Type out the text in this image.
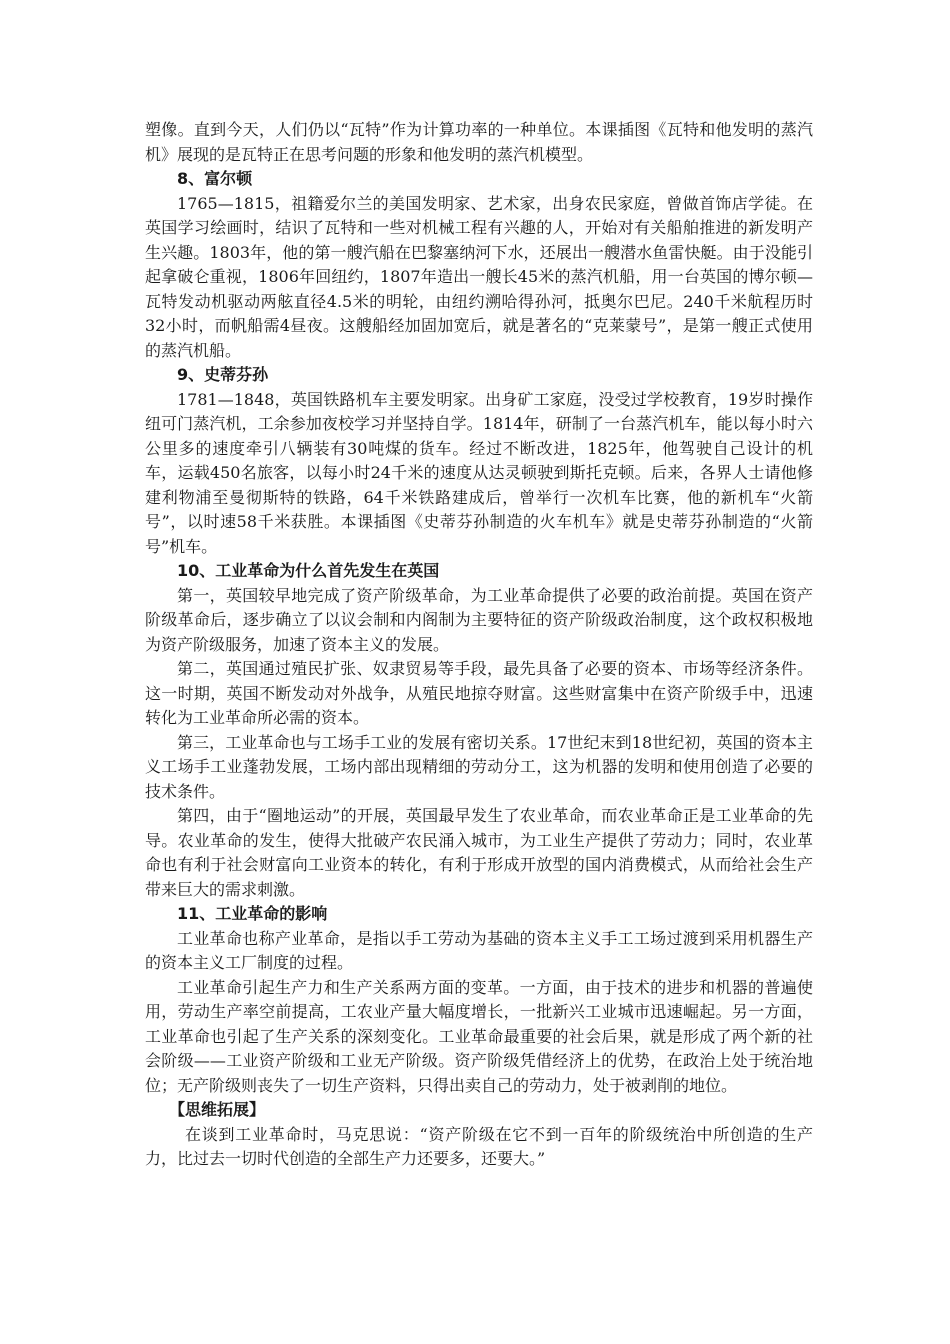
塑像。直到今天，人们仍以“瓦特”作为计算功率的一种单位。本课插图《瓦特和他发明的蒸汽机》展现的是瓦特正在思考问题的形象和他发明的蒸汽机模型。

8、富尔顿

1765—1815，祖籍爱尔兰的美国发明家、艺术家，出身农民家庭，曾做首饰店学徒。在英国学习绘画时，结识了瓦特和一些对机械工程有兴趣的人，开始对有关船舶推进的新发明产生兴趣。1803年，他的第一艘汽船在巴黎塞纳河下水，还展出一艘潜水鱼雷快艇。由于没能引起拿破仑重视，1806年回纽约，1807年造出一艘长45米的蒸汽机船，用一台英国的博尔顿—瓦特发动机驱动两舷直径4.5米的明轮，由纽约溯哈得孙河，抵奥尔巴尼。240千米航程历时32小时，而帆船需4昼夜。这艘船经加固加宽后，就是著名的“克莱蒙号”，是第一艘正式使用的蒸汽机船。

9、史蒂芬孙

1781—1848，英国铁路机车主要发明家。出身矿工家庭，没受过学校教育，19岁时操作纽可门蒸汽机，工余参加夜校学习并坚持自学。1814年，研制了一台蒸汽机车，能以每小时六公里多的速度牵引八辆装有30吨煤的货车。经过不断改进，1825年，他驾驶自己设计的机车，运载450名旅客，以每小时24千米的速度从达灵顿驶到斯托克顿。后来，各界人士请他修建利物浦至曼彻斯特的铁路，64千米铁路建成后，曾举行一次机车比赛，他的新机车“火箭号”，以时速58千米获胜。本课插图《史蒂芬孙制造的火车机车》就是史蒂芬孙制造的“火箭号”机车。

10、工业革命为什么首先发生在英国

第一，英国较早地完成了资产阶级革命，为工业革命提供了必要的政治前提。英国在资产阶级革命后，逐步确立了以议会制和内阁制为主要特征的资产阶级政治制度，这个政权积极地为资产阶级服务，加速了资本主义的发展。

第二，英国通过殖民扩张、奴隶贸易等手段，最先具备了必要的资本、市场等经济条件。这一时期，英国不断发动对外战争，从殖民地掠夺财富。这些财富集中在资产阶级手中，迅速转化为工业革命所必需的资本。

第三，工业革命也与工场手工业的发展有密切关系。17世纪末到18世纪初，英国的资本主义工场手工业蓬勃发展，工场内部出现精细的劳动分工，这为机器的发明和使用创造了必要的技术条件。

第四，由于“圈地运动”的开展，英国最早发生了农业革命，而农业革命正是工业革命的先导。农业革命的发生，使得大批破产农民涌入城市，为工业生产提供了劳动力；同时，农业革命也有利于社会财富向工业资本的转化，有利于形成开放型的国内消费模式，从而给社会生产带来巨大的需求刺激。

11、工业革命的影响

工业革命也称产业革命，是指以手工劳动为基础的资本主义手工工场过渡到采用机器生产的资本主义工厂制度的过程。

工业革命引起生产力和生产关系两方面的变革。一方面，由于技术的进步和机器的普遍使用，劳动生产率空前提高，工农业产量大幅度增长，一批新兴工业城市迅速崛起。另一方面，工业革命也引起了生产关系的深刻变化。工业革命最重要的社会后果，就是形成了两个新的社会阶级——工业资产阶级和工业无产阶级。资产阶级凭借经济上的优势，在政治上处于统治地位；无产阶级则丧失了一切生产资料，只得出卖自己的劳动力，处于被剥削的地位。

【思维拓展】

在谈到工业革命时，马克思说：“资产阶级在它不到一百年的阶级统治中所创造的生产力，比过去一切时代创造的全部生产力还要多，还要大。”
